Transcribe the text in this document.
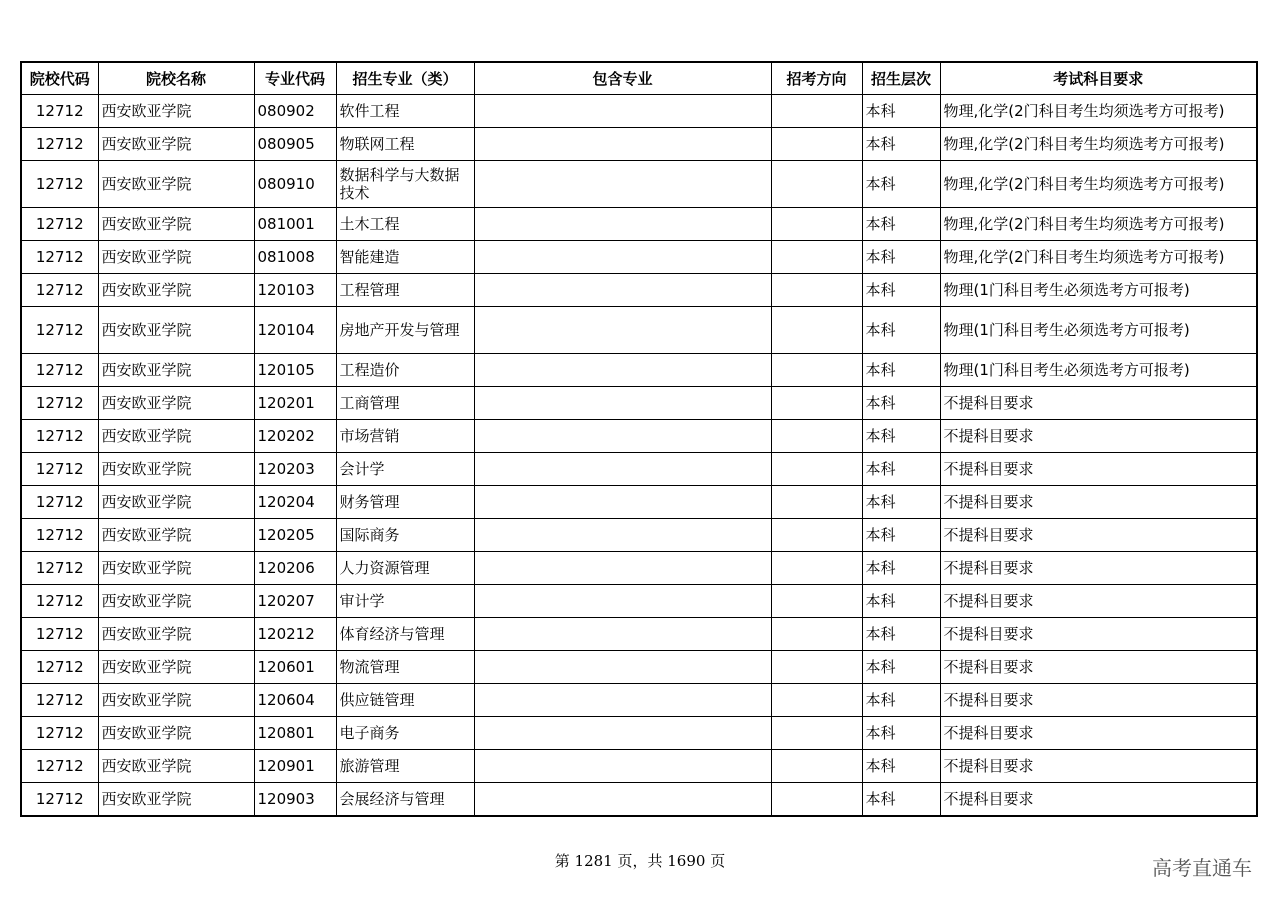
院校代码	院校名称	专业代码	招生专业（类）	包含专业	招考方向	招生层次	考试科目要求
12712	西安欧亚学院	080902	软件工程			本科	物理,化学(2门科目考生均须选考方可报考)
12712	西安欧亚学院	080905	物联网工程			本科	物理,化学(2门科目考生均须选考方可报考)
12712	西安欧亚学院	080910	数据科学与大数据技术			本科	物理,化学(2门科目考生均须选考方可报考)
12712	西安欧亚学院	081001	土木工程			本科	物理,化学(2门科目考生均须选考方可报考)
12712	西安欧亚学院	081008	智能建造			本科	物理,化学(2门科目考生均须选考方可报考)
12712	西安欧亚学院	120103	工程管理			本科	物理(1门科目考生必须选考方可报考)
12712	西安欧亚学院	120104	房地产开发与管理			本科	物理(1门科目考生必须选考方可报考)
12712	西安欧亚学院	120105	工程造价			本科	物理(1门科目考生必须选考方可报考)
12712	西安欧亚学院	120201	工商管理			本科	不提科目要求
12712	西安欧亚学院	120202	市场营销			本科	不提科目要求
12712	西安欧亚学院	120203	会计学			本科	不提科目要求
12712	西安欧亚学院	120204	财务管理			本科	不提科目要求
12712	西安欧亚学院	120205	国际商务			本科	不提科目要求
12712	西安欧亚学院	120206	人力资源管理			本科	不提科目要求
12712	西安欧亚学院	120207	审计学			本科	不提科目要求
12712	西安欧亚学院	120212	体育经济与管理			本科	不提科目要求
12712	西安欧亚学院	120601	物流管理			本科	不提科目要求
12712	西安欧亚学院	120604	供应链管理			本科	不提科目要求
12712	西安欧亚学院	120801	电子商务			本科	不提科目要求
12712	西安欧亚学院	120901	旅游管理			本科	不提科目要求
12712	西安欧亚学院	120903	会展经济与管理			本科	不提科目要求
第 1281 页，共 1690 页	高考直通车
